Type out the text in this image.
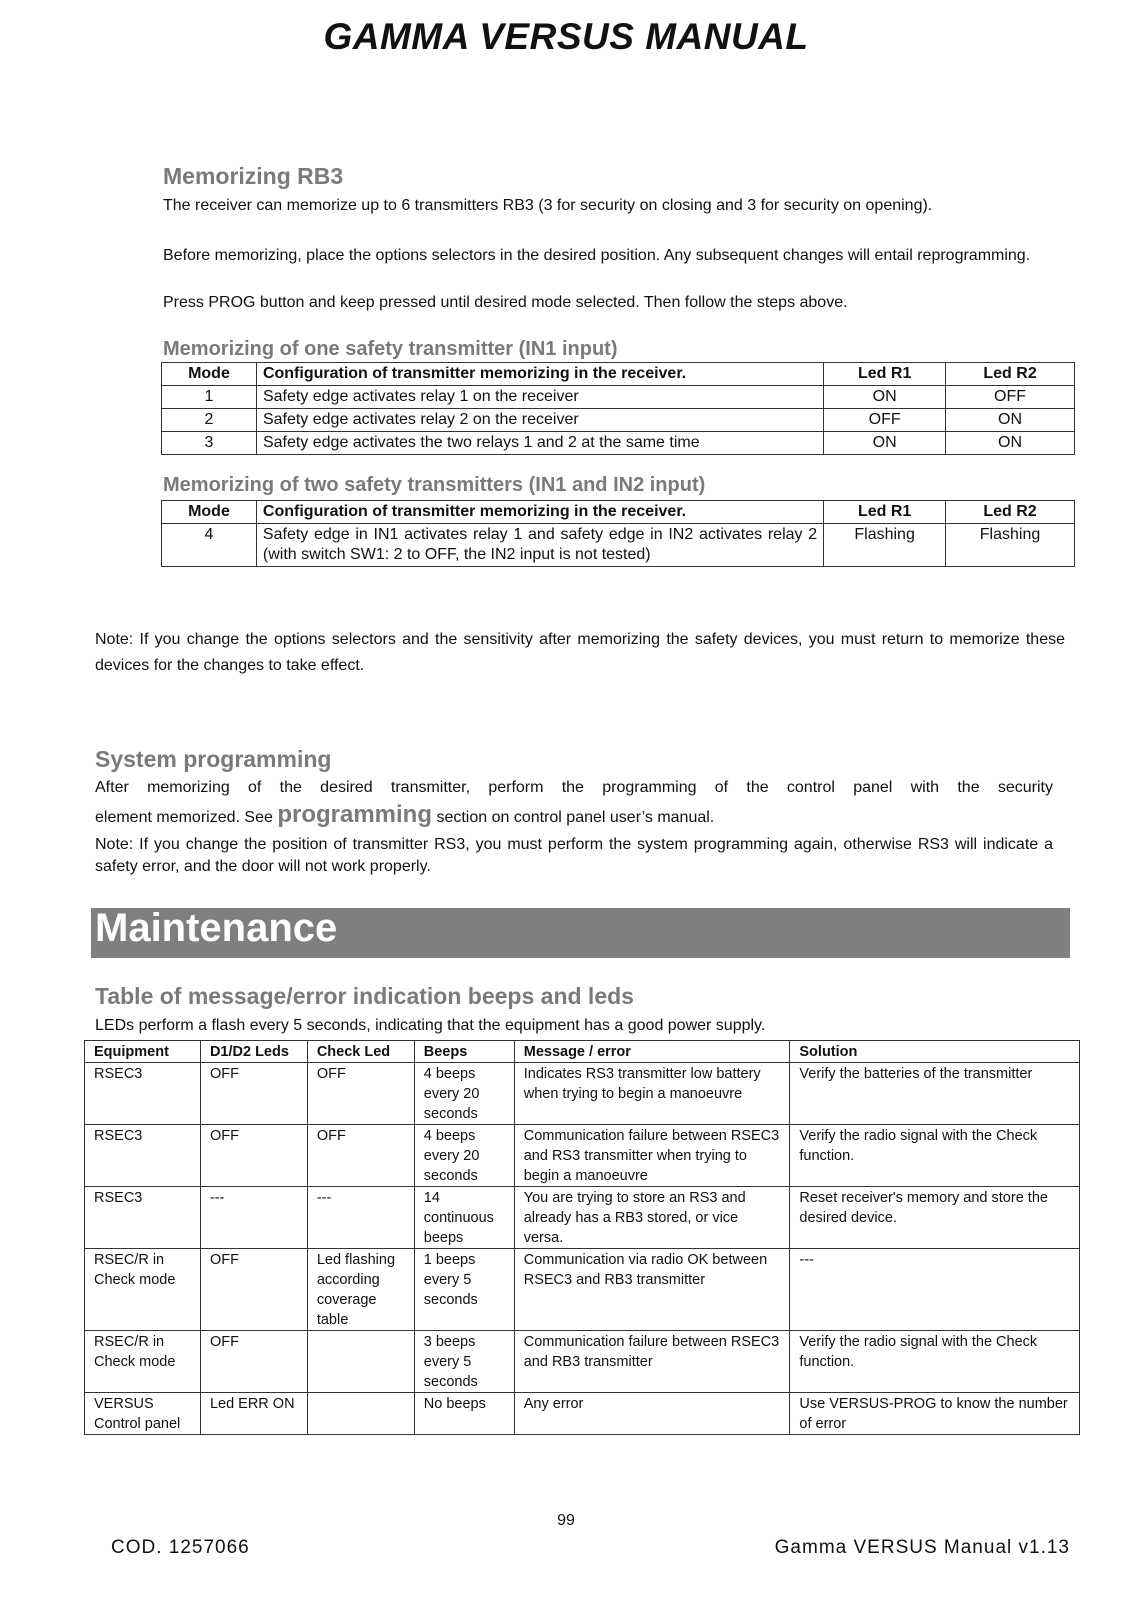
GAMMA VERSUS MANUAL
Memorizing RB3
The receiver can memorize up to 6 transmitters RB3 (3 for security on closing and 3 for security on opening).
Before memorizing, place the options selectors in the desired position. Any subsequent changes will entail reprogramming.
Press PROG button and keep pressed until desired mode selected. Then follow the steps above.
Memorizing of one safety transmitter (IN1 input)
Mode	Configuration of transmitter memorizing in the receiver.	Led R1	Led R2
1	Safety edge activates relay 1 on the receiver	ON	OFF
2	Safety edge activates relay 2 on the receiver	OFF	ON
3	Safety edge activates the two relays 1 and 2 at the same time	ON	ON
Memorizing of two safety transmitters (IN1 and IN2 input)
Mode	Configuration of transmitter memorizing in the receiver.	Led R1	Led R2
4	Safety edge in IN1 activates relay 1 and safety edge in IN2 activates relay 2 (with switch SW1: 2 to OFF, the IN2 input is not tested)	Flashing	Flashing
Note: If you change the options selectors and the sensitivity after memorizing the safety devices, you must return to memorize these devices for the changes to take effect.
System programming
After memorizing of the desired transmitter, perform the programming of the control panel with the security
element memorized. See programming section on control panel user’s manual.
Note: If you change the position of transmitter RS3, you must perform the system programming again, otherwise RS3 will indicate a safety error, and the door will not work properly.
Maintenance
Table of message/error indication beeps and leds
LEDs perform a flash every 5 seconds, indicating that the equipment has a good power supply.
Equipment	D1/D2 Leds	Check Led	Beeps	Message / error	Solution
RSEC3	OFF	OFF	4 beeps every 20 seconds	Indicates RS3 transmitter low battery when trying to begin a manoeuvre	Verify the batteries of the transmitter
RSEC3	OFF	OFF	4 beeps every 20 seconds	Communication failure between RSEC3 and RS3 transmitter when trying to begin a manoeuvre	Verify the radio signal with the Check function.
RSEC3	---	---	14 continuous beeps	You are trying to store an RS3 and already has a RB3 stored, or vice versa.	Reset receiver's memory and store the desired device.
RSEC/R in Check mode	OFF	Led flashing according coverage table	1 beeps every 5 seconds	Communication via radio OK between RSEC3 and RB3 transmitter	---
RSEC/R in Check mode	OFF		3 beeps every 5 seconds	Communication failure between RSEC3 and RB3 transmitter	Verify the radio signal with the Check function.
VERSUS Control panel	Led ERR ON		No beeps	Any error	Use VERSUS-PROG to know the number of error
99
COD. 1257066	Gamma VERSUS Manual v1.13
